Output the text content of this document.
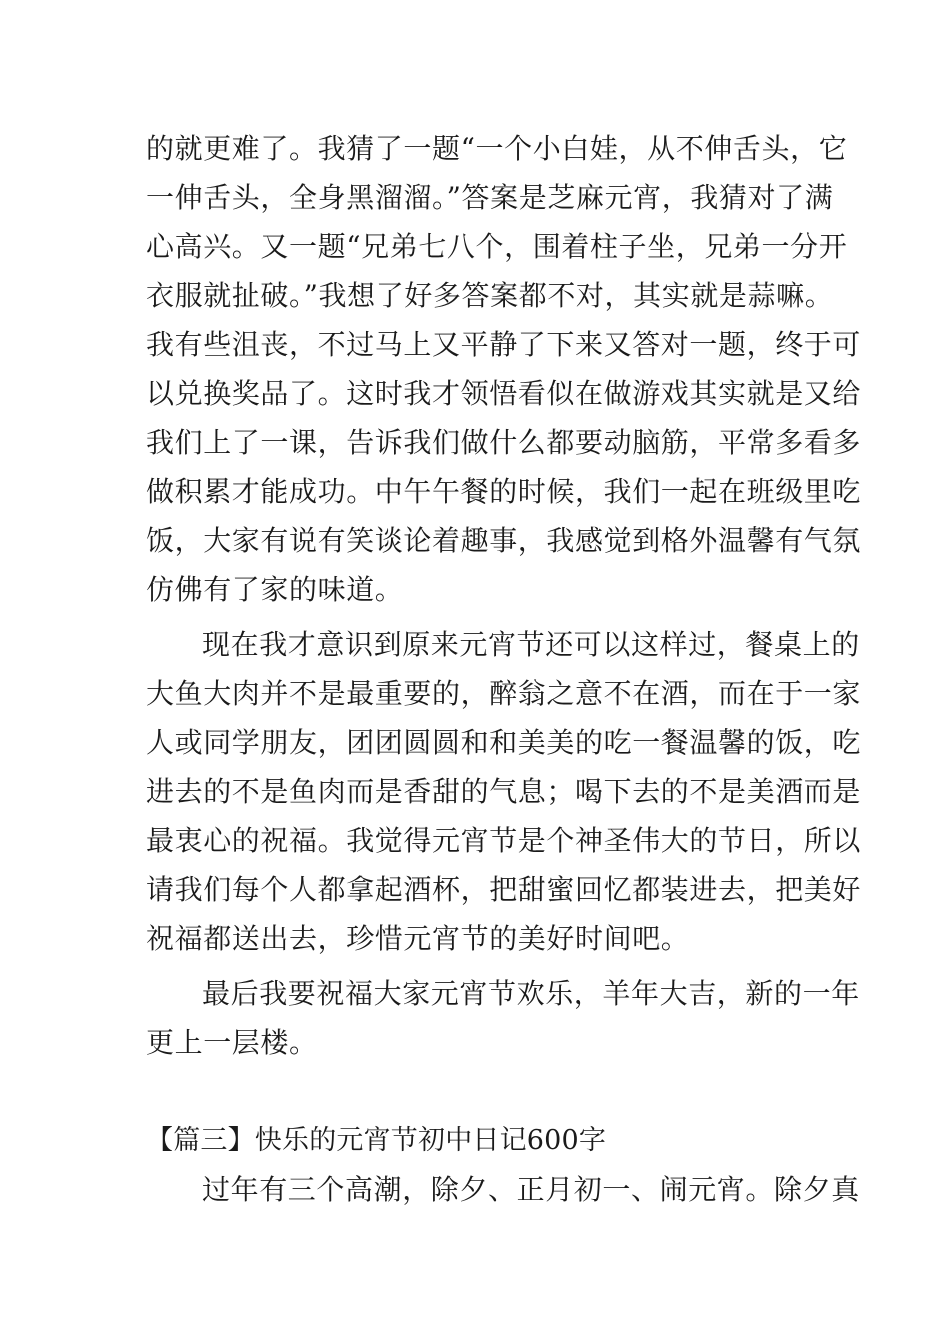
的就更难了。我猜了一题“一个小白娃，从不伸舌头，它
一伸舌头，全身黑溜溜。”答案是芝麻元宵，我猜对了满
心高兴。又一题“兄弟七八个，围着柱子坐，兄弟一分开
衣服就扯破。”我想了好多答案都不对，其实就是蒜嘛。
我有些沮丧，不过马上又平静了下来又答对一题，终于可
以兑换奖品了。这时我才领悟看似在做游戏其实就是又给
我们上了一课，告诉我们做什么都要动脑筋，平常多看多
做积累才能成功。中午午餐的时候，我们一起在班级里吃
饭，大家有说有笑谈论着趣事，我感觉到格外温馨有气氛
仿佛有了家的味道。
现在我才意识到原来元宵节还可以这样过，餐桌上的
大鱼大肉并不是最重要的，醉翁之意不在酒，而在于一家
人或同学朋友，团团圆圆和和美美的吃一餐温馨的饭，吃
进去的不是鱼肉而是香甜的气息；喝下去的不是美酒而是
最衷心的祝福。我觉得元宵节是个神圣伟大的节日，所以
请我们每个人都拿起酒杯，把甜蜜回忆都装进去，把美好
祝福都送出去，珍惜元宵节的美好时间吧。
最后我要祝福大家元宵节欢乐，羊年大吉，新的一年
更上一层楼。
【篇三】快乐的元宵节初中日记600字
过年有三个高潮，除夕、正月初一、闹元宵。除夕真
